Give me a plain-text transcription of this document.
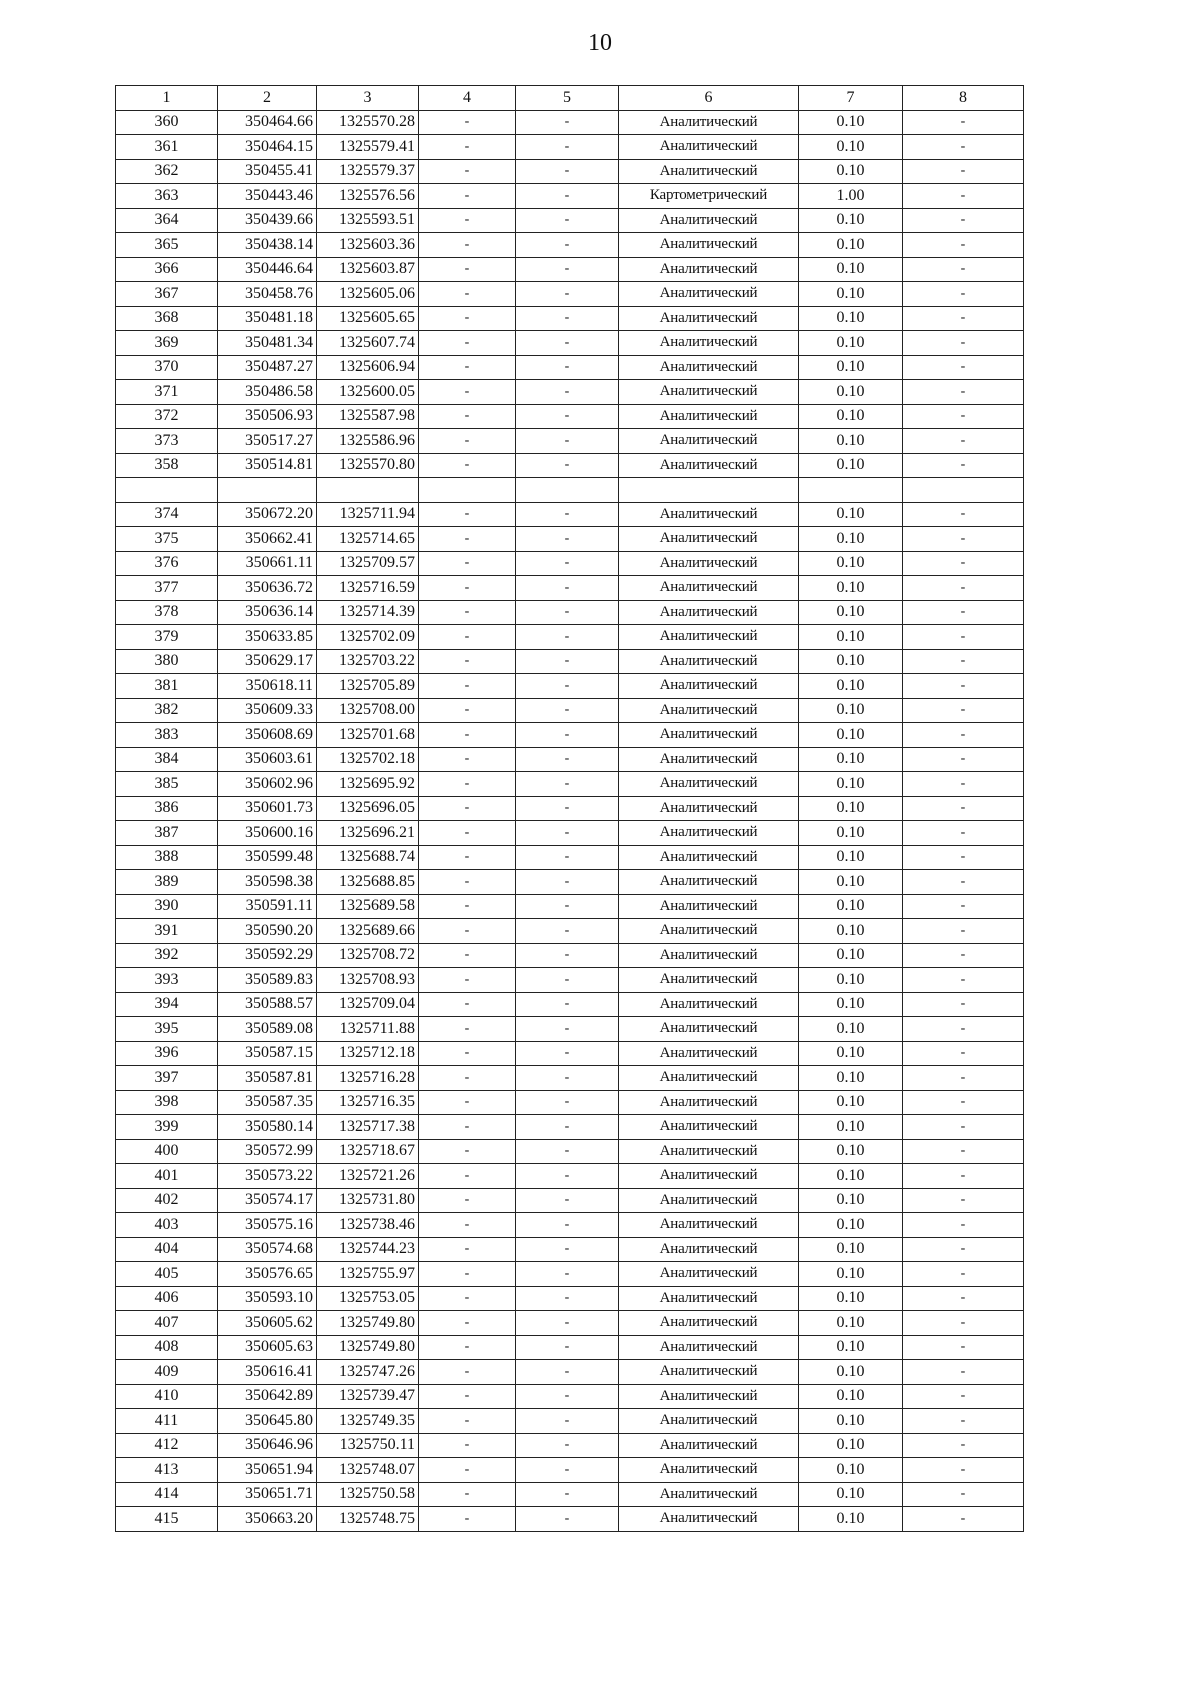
10
1	2	3	4	5	6	7	8
360	350464.66	1325570.28	-	-	Аналитический	0.10	-
361	350464.15	1325579.41	-	-	Аналитический	0.10	-
362	350455.41	1325579.37	-	-	Аналитический	0.10	-
363	350443.46	1325576.56	-	-	Картометрический	1.00	-
364	350439.66	1325593.51	-	-	Аналитический	0.10	-
365	350438.14	1325603.36	-	-	Аналитический	0.10	-
366	350446.64	1325603.87	-	-	Аналитический	0.10	-
367	350458.76	1325605.06	-	-	Аналитический	0.10	-
368	350481.18	1325605.65	-	-	Аналитический	0.10	-
369	350481.34	1325607.74	-	-	Аналитический	0.10	-
370	350487.27	1325606.94	-	-	Аналитический	0.10	-
371	350486.58	1325600.05	-	-	Аналитический	0.10	-
372	350506.93	1325587.98	-	-	Аналитический	0.10	-
373	350517.27	1325586.96	-	-	Аналитический	0.10	-
358	350514.81	1325570.80	-	-	Аналитический	0.10	-

374	350672.20	1325711.94	-	-	Аналитический	0.10	-
375	350662.41	1325714.65	-	-	Аналитический	0.10	-
376	350661.11	1325709.57	-	-	Аналитический	0.10	-
377	350636.72	1325716.59	-	-	Аналитический	0.10	-
378	350636.14	1325714.39	-	-	Аналитический	0.10	-
379	350633.85	1325702.09	-	-	Аналитический	0.10	-
380	350629.17	1325703.22	-	-	Аналитический	0.10	-
381	350618.11	1325705.89	-	-	Аналитический	0.10	-
382	350609.33	1325708.00	-	-	Аналитический	0.10	-
383	350608.69	1325701.68	-	-	Аналитический	0.10	-
384	350603.61	1325702.18	-	-	Аналитический	0.10	-
385	350602.96	1325695.92	-	-	Аналитический	0.10	-
386	350601.73	1325696.05	-	-	Аналитический	0.10	-
387	350600.16	1325696.21	-	-	Аналитический	0.10	-
388	350599.48	1325688.74	-	-	Аналитический	0.10	-
389	350598.38	1325688.85	-	-	Аналитический	0.10	-
390	350591.11	1325689.58	-	-	Аналитический	0.10	-
391	350590.20	1325689.66	-	-	Аналитический	0.10	-
392	350592.29	1325708.72	-	-	Аналитический	0.10	-
393	350589.83	1325708.93	-	-	Аналитический	0.10	-
394	350588.57	1325709.04	-	-	Аналитический	0.10	-
395	350589.08	1325711.88	-	-	Аналитический	0.10	-
396	350587.15	1325712.18	-	-	Аналитический	0.10	-
397	350587.81	1325716.28	-	-	Аналитический	0.10	-
398	350587.35	1325716.35	-	-	Аналитический	0.10	-
399	350580.14	1325717.38	-	-	Аналитический	0.10	-
400	350572.99	1325718.67	-	-	Аналитический	0.10	-
401	350573.22	1325721.26	-	-	Аналитический	0.10	-
402	350574.17	1325731.80	-	-	Аналитический	0.10	-
403	350575.16	1325738.46	-	-	Аналитический	0.10	-
404	350574.68	1325744.23	-	-	Аналитический	0.10	-
405	350576.65	1325755.97	-	-	Аналитический	0.10	-
406	350593.10	1325753.05	-	-	Аналитический	0.10	-
407	350605.62	1325749.80	-	-	Аналитический	0.10	-
408	350605.63	1325749.80	-	-	Аналитический	0.10	-
409	350616.41	1325747.26	-	-	Аналитический	0.10	-
410	350642.89	1325739.47	-	-	Аналитический	0.10	-
411	350645.80	1325749.35	-	-	Аналитический	0.10	-
412	350646.96	1325750.11	-	-	Аналитический	0.10	-
413	350651.94	1325748.07	-	-	Аналитический	0.10	-
414	350651.71	1325750.58	-	-	Аналитический	0.10	-
415	350663.20	1325748.75	-	-	Аналитический	0.10	-
